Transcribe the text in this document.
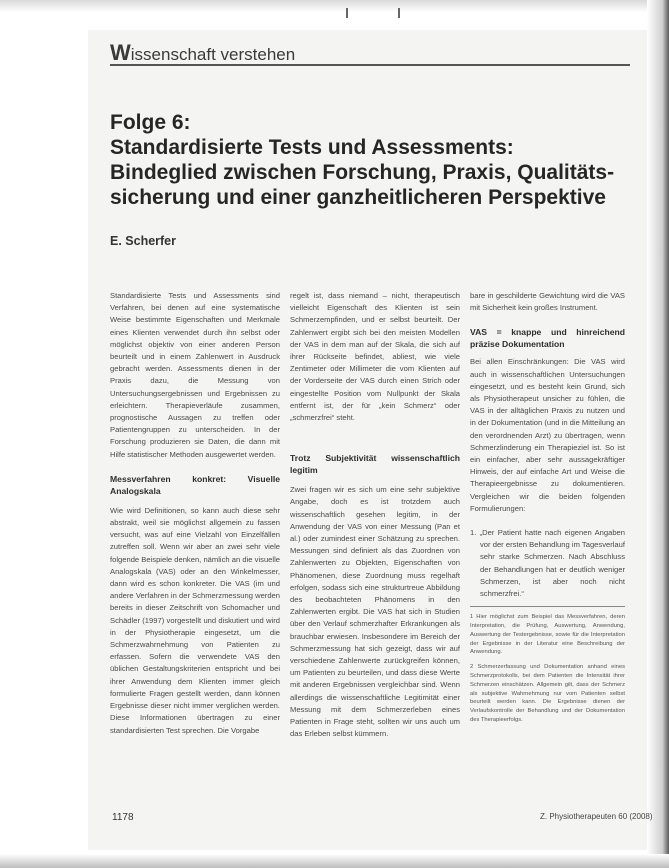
Wissenschaft verstehen
Folge 6:
Standardisierte Tests und Assessments:
Bindeglied zwischen Forschung, Praxis, Qualitäts-
sicherung und einer ganzheitlicheren Perspektive
E. Scherfer

Standardisierte Tests und Assessments sind Verfahren, bei denen auf eine systematische Weise bestimmte Eigenschaften und Merkmale eines Klienten verwendet durch ihn selbst oder möglichst objektiv von einer anderen Person beurteilt und in einem Zahlenwert in Ausdruck gebracht werden. Assessments dienen in der Praxis dazu, die Messung von Untersuchungsergebnissen und Ergebnissen zu erleichtern. Therapieverläufe zusammen, prognostische Aussagen zu treffen oder Patientengruppen zu unterscheiden. In der Forschung produzieren sie Daten, die dann mit Hilfe statistischer Methoden ausgewertet werden.

Messverfahren konkret: Visuelle Analogskala

Wie wird Definitionen, so kann auch diese sehr abstrakt, weil sie möglichst allgemein zu fassen versucht, was auf eine Vielzahl von Einzelfällen zutreffen soll. Wenn wir aber an zwei sehr viele folgende Beispiele denken, nämlich an die visuelle Analogskala (VAS) oder an den Winkelmesser, dann wird es schon konkreter. Die VAS (im und andere Verfahren in der Schmerzmessung werden bereits in dieser Zeitschrift von Schomacher und Schädler (1997) vorgestellt und diskutiert und wird in der Physiotherapie eingesetzt, um die Schmerzwahrnehmung von Patienten zu erfassen. Sofern die verwendete VAS den üblichen Gestaltungskriterien entspricht und bei ihrer Anwendung dem Klienten immer gleich formulierte Fragen gestellt werden, dann können Ergebnisse dieser nicht immer verglichen werden. Diese Informationen übertragen zu einer standardisierten Test sprechen. Die Vorgabe

regelt ist, dass niemand – nicht, therapeutisch vielleicht Eigenschaft des Klienten ist sein Schmerzempfinden, und er selbst beurteilt. Der Zahlenwert ergibt sich bei den meisten Modellen der VAS in dem man auf der Skala, die sich auf ihrer Rückseite befindet, abliest, wie viele Zentimeter oder Millimeter die vom Klienten auf der Vorderseite der VAS durch einen Strich oder eingestellte Position vom Nullpunkt der Skala entfernt ist, der für „kein Schmerz“ oder „schmerzfrei“ steht.

Trotz Subjektivität wissenschaftlich legitim

Zwei fragen wir es sich um eine sehr subjektive Angabe, doch es ist trotzdem auch wissenschaftlich gesehen legitim, in der Anwendung der VAS von einer Messung (Pan et al.) oder zumindest einer Schätzung zu sprechen. Messungen sind definiert als das Zuordnen von Zahlenwerten zu Objekten, Eigenschaften von Phänomenen, diese Zuordnung muss regelhaft erfolgen, sodass sich eine strukturtreue Abbildung des beobachteten Phänomens in den Zahlenwerten ergibt. Die VAS hat sich in Studien über den Verlauf schmerzhafter Erkrankungen als brauchbar erwiesen. Insbesondere im Bereich der Schmerzmessung hat sich gezeigt, dass wir auf verschiedene Zahlenwerte zurückgreifen können, um Patienten zu beurteilen, und dass diese Werte mit anderen Ergebnissen vergleichbar sind. Wenn allerdings die wissenschaftliche Legitimität einer Messung mit dem Schmerzerleben eines Patienten in Frage steht, sollten wir uns auch um das Erleben selbst kümmern.

bare in geschilderte Gewichtung wird die VAS mit Sicherheit kein großes Instrument.

VAS = knappe und hinreichend präzise Dokumentation

Bei allen Einschränkungen: Die VAS wird auch in wissenschaftlichen Untersuchungen eingesetzt, und es besteht kein Grund, sich als Physiotherapeut unsicher zu fühlen, die VAS in der alltäglichen Praxis zu nutzen und in der Dokumentation (und in die Mitteilung an den verordnenden Arzt) zu übertragen, wenn Schmerzlinderung ein Therapieziel ist. So ist ein einfacher, aber sehr aussagekräftiger Hinweis, der auf einfache Art und Weise die Therapieergebnisse zu dokumentieren. Vergleichen wir die beiden folgenden Formulierungen:

1. „Der Patient hatte nach eigenen Angaben vor der ersten Behandlung im Tagesverlauf sehr starke Schmerzen. Nach Abschluss der Behandlungen hat er deutlich weniger Schmerzen, ist aber noch nicht schmerzfrei.“

1 Hier möglichst zum Beispiel das Messverfahren, deren Interpretation, die Prüfung, Auswertung, Anwendung, Auswertung der Testergebnisse, sowie für die Interpretation der Ergebnisse in der Literatur eine Beschreibung der Anwendung.

2 Schmerzerfassung und Dokumentation anhand eines Schmerzprotokolls, bei dem Patienten die Intensität ihrer Schmerzen einschätzen. Allgemein gilt, dass der Schmerz als subjektive Wahrnehmung nur vom Patienten selbst beurteilt werden kann. Die Ergebnisse dienen der Verlaufskontrolle der Behandlung und der Dokumentation des Therapieerfolgs.

1178	Z. Physiotherapeuten 60 (2008)
